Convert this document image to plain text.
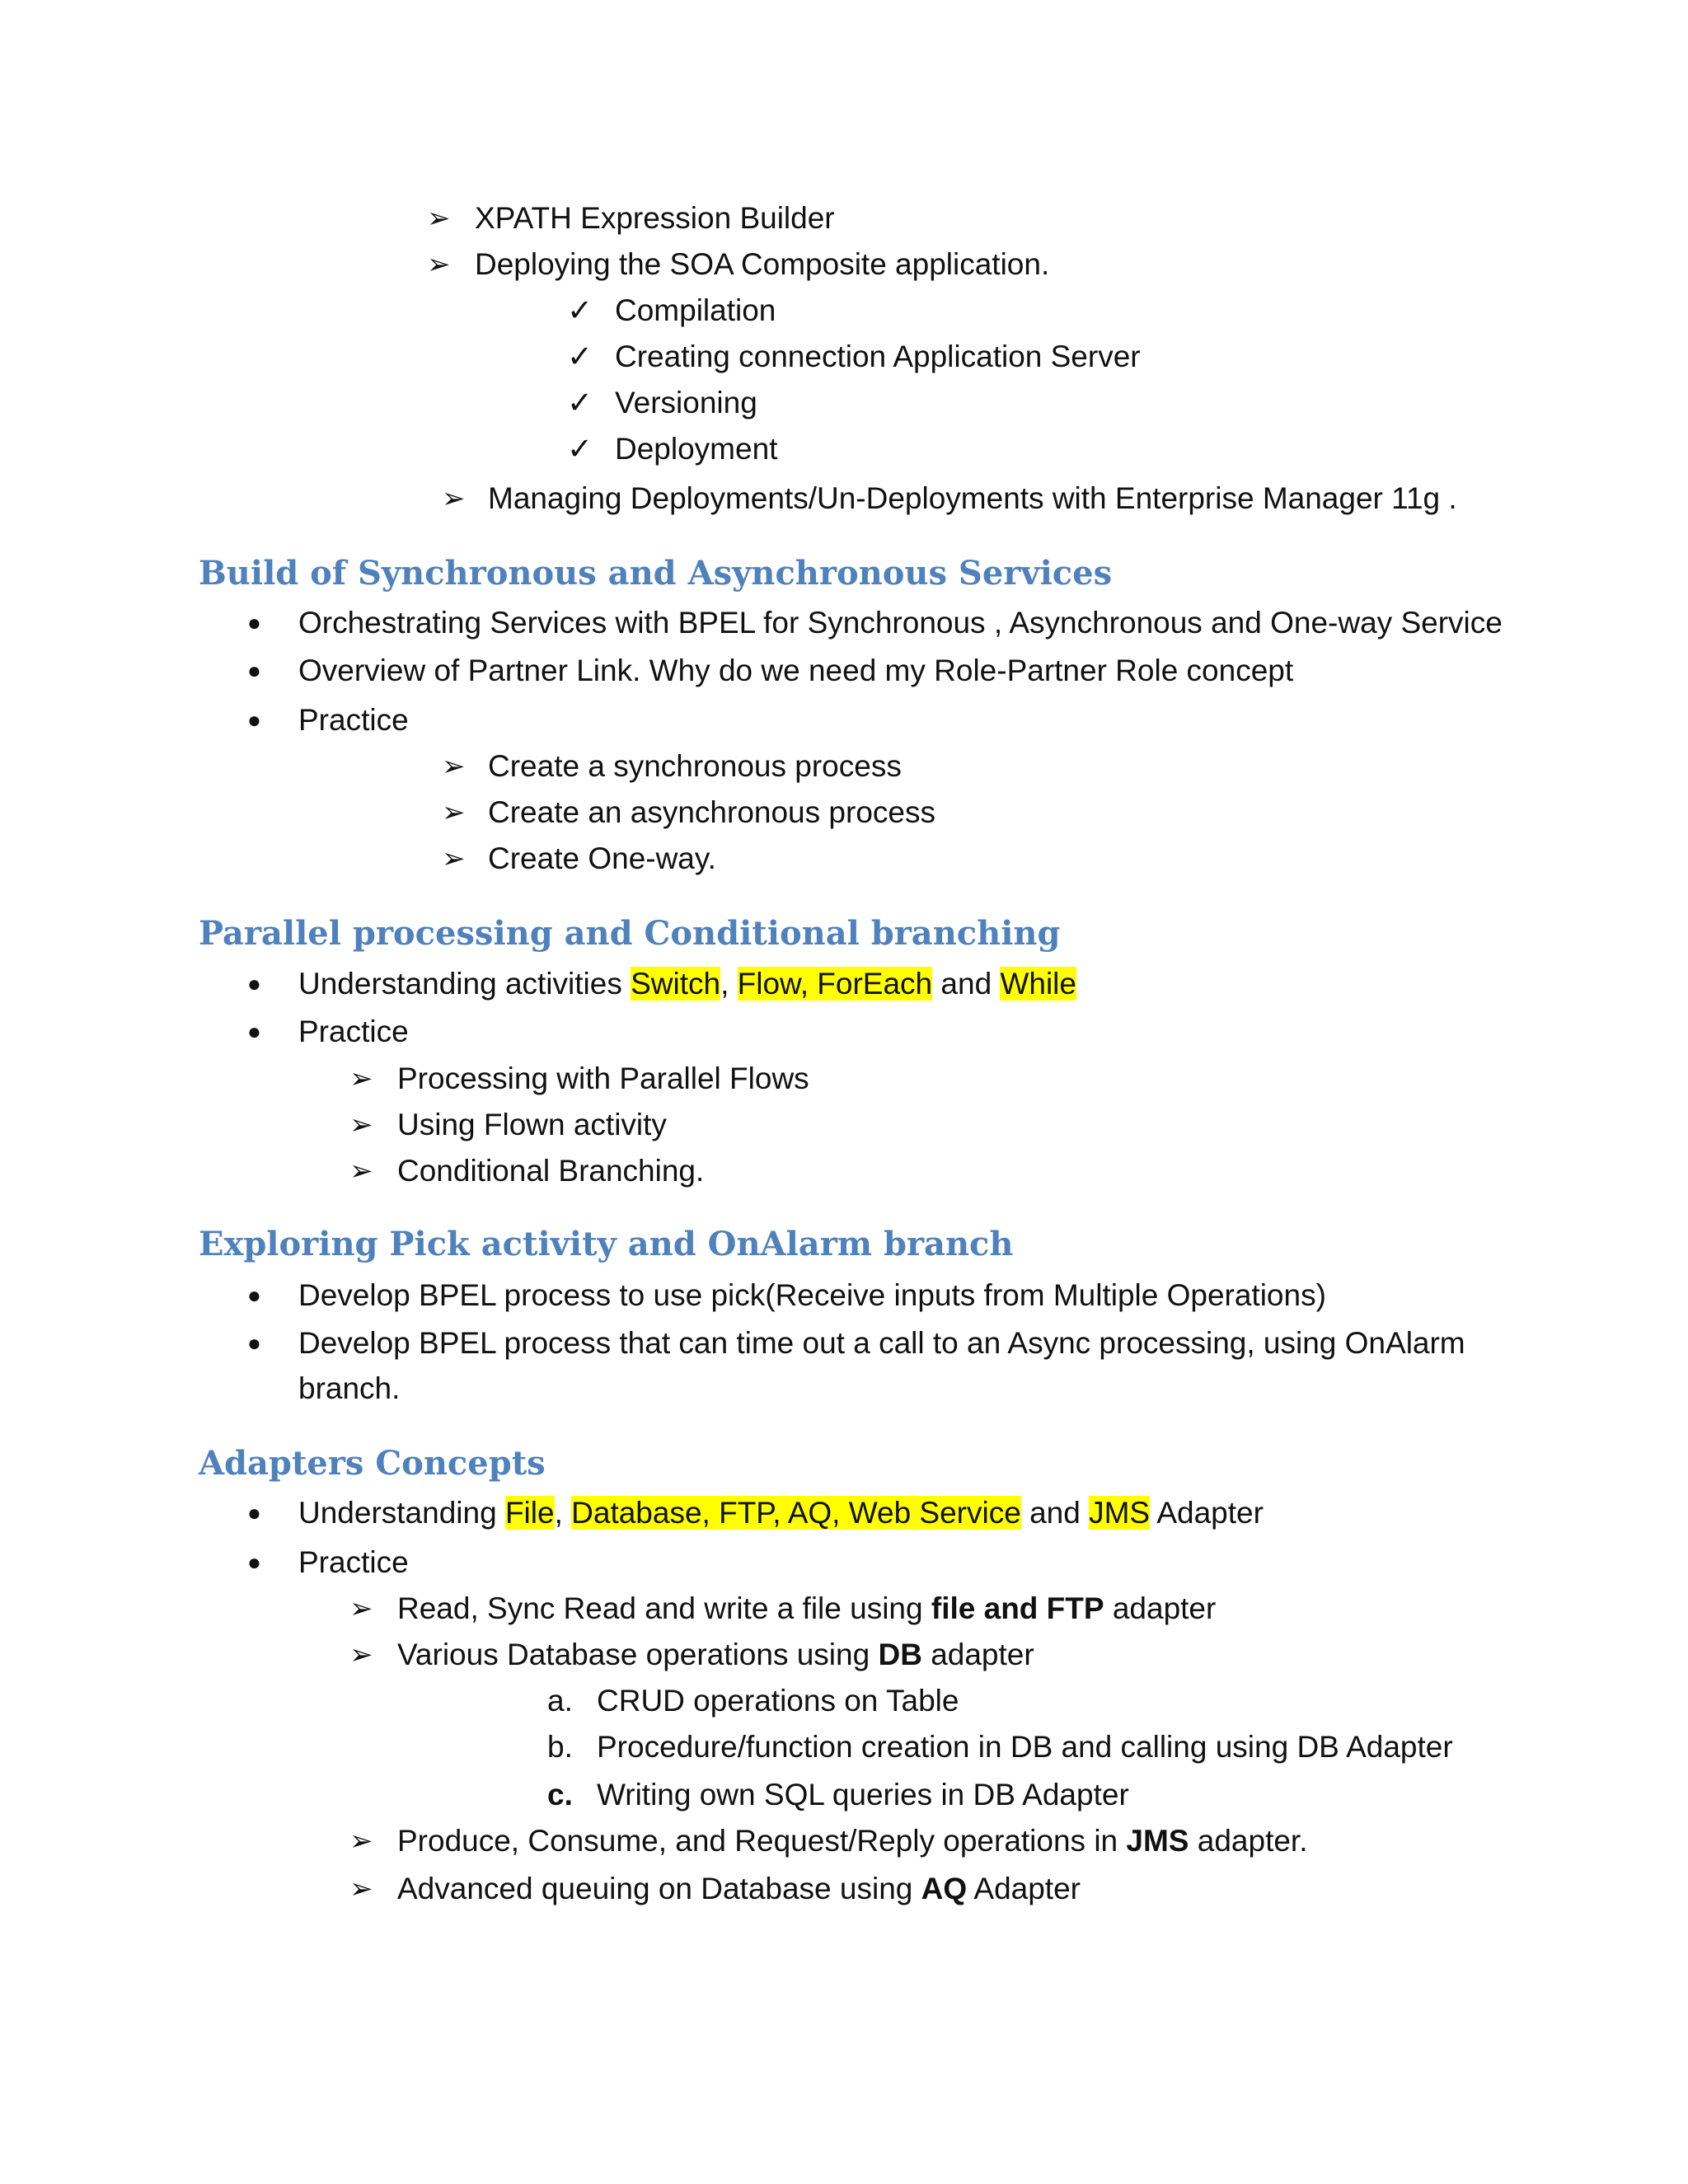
➢ XPATH Expression Builder
➢ Deploying the SOA Composite application.
✓ Compilation
✓ Creating connection Application Server
✓ Versioning
✓ Deployment
➢ Managing Deployments/Un-Deployments with Enterprise Manager 11g .
Build of Synchronous and Asynchronous Services
● Orchestrating Services with BPEL for Synchronous , Asynchronous and One-way Service
● Overview of Partner Link. Why do we need my Role-Partner Role concept
● Practice
➢ Create a synchronous process
➢ Create an asynchronous process
➢ Create One-way.
Parallel processing and Conditional branching
● Understanding activities Switch, Flow, ForEach and While
● Practice
➢ Processing with Parallel Flows
➢ Using Flown activity
➢ Conditional Branching.
Exploring Pick activity and OnAlarm branch
● Develop BPEL process to use pick(Receive inputs from Multiple Operations)
● Develop BPEL process that can time out a call to an Async processing, using OnAlarm
branch.
Adapters Concepts
● Understanding File, Database, FTP, AQ, Web Service and JMS Adapter
● Practice
➢ Read, Sync Read and write a file using file and FTP adapter
➢ Various Database operations using DB adapter
a. CRUD operations on Table
b. Procedure/function creation in DB and calling using DB Adapter
c. Writing own SQL queries in DB Adapter
➢ Produce, Consume, and Request/Reply operations in JMS adapter.
➢ Advanced queuing on Database using AQ Adapter
